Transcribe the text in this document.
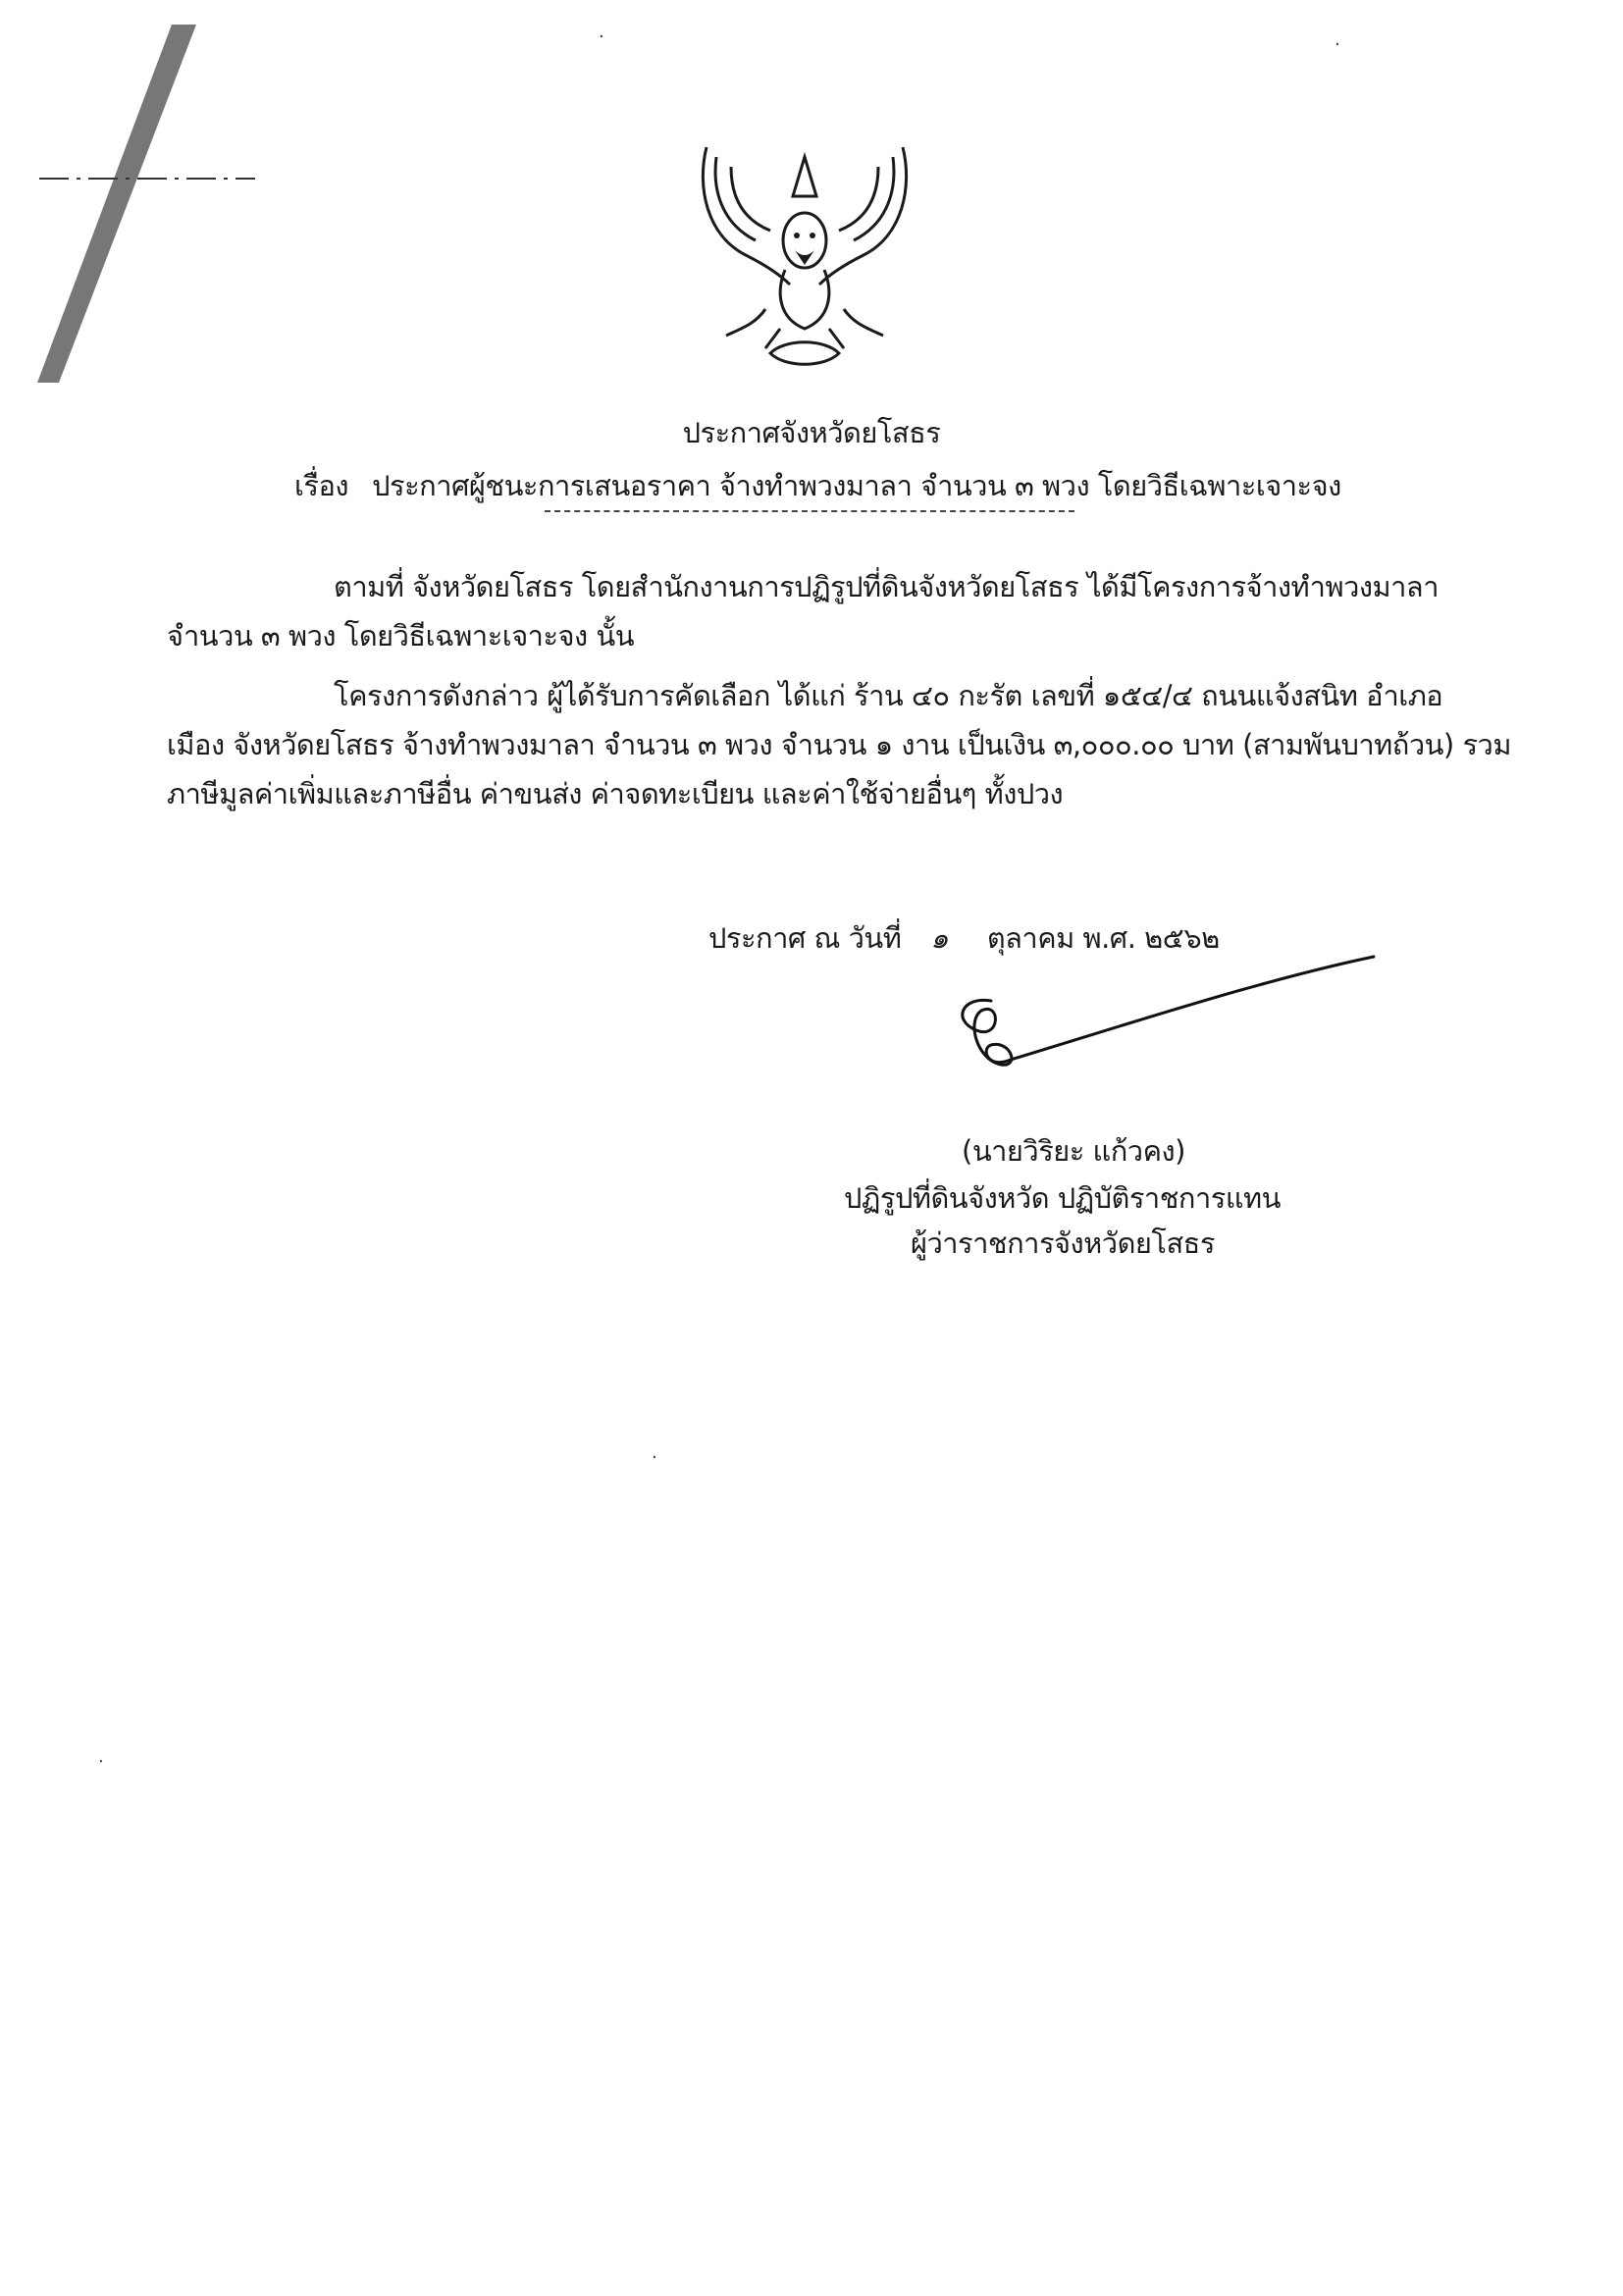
ประกาศจังหวัดยโสธร
เรื่อง ประกาศผู้ชนะการเสนอราคา จ้างทำพวงมาลา จำนวน ๓ พวง โดยวิธีเฉพาะเจาะจง
ตามที่ จังหวัดยโสธร โดยสำนักงานการปฏิรูปที่ดินจังหวัดยโสธร ได้มีโครงการจ้างทำพวงมาลา
จำนวน ๓ พวง โดยวิธีเฉพาะเจาะจง นั้น
โครงการดังกล่าว ผู้ได้รับการคัดเลือก ได้แก่ ร้าน ๔๐ กะรัต เลขที่ ๑๕๔/๔ ถนนแจ้งสนิท อำเภอ
เมือง จังหวัดยโสธร จ้างทำพวงมาลา จำนวน ๓ พวง จำนวน ๑ งาน เป็นเงิน ๓,๐๐๐.๐๐ บาท (สามพันบาทถ้วน) รวม
ภาษีมูลค่าเพิ่มและภาษีอื่น ค่าขนส่ง ค่าจดทะเบียน และค่าใช้จ่ายอื่นๆ ทั้งปวง
ประกาศ ณ วันที่ ๑ ตุลาคม พ.ศ. ๒๕๖๒
(นายวิริยะ แก้วคง)
ปฏิรูปที่ดินจังหวัด ปฏิบัติราชการแทน
ผู้ว่าราชการจังหวัดยโสธร
.	.
.
.
